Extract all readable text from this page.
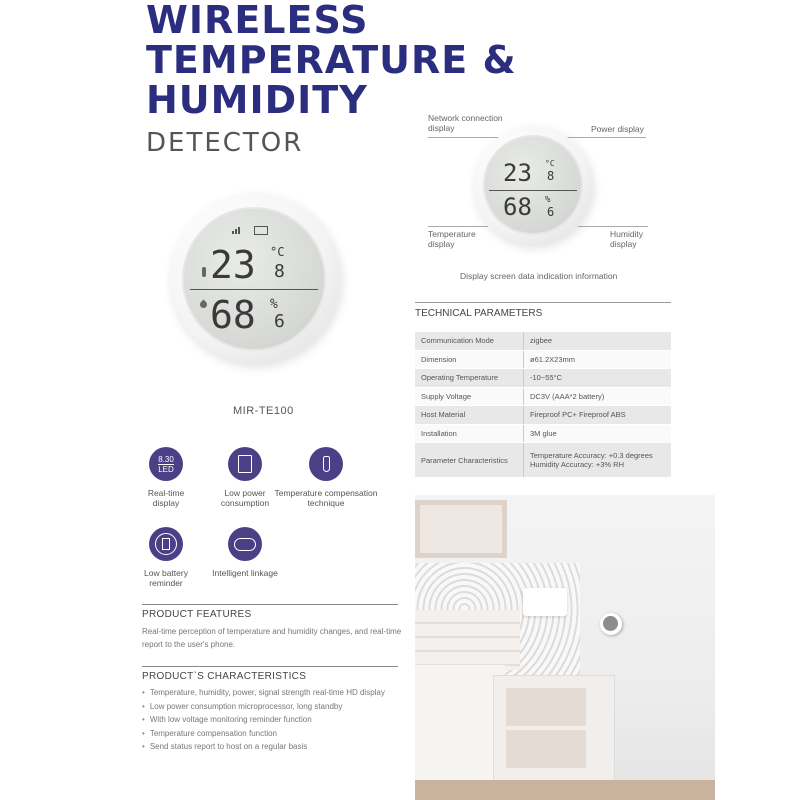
WIRELESS
TEMPERATURE &
HUMIDITY
DETECTOR
23 °C
8
68 %
6
MIR-TE100
8.30
LED
Real-time display
Low power consumption
Temperature compensation technique
Low battery reminder
Intelligent linkage
PRODUCT FEATURES
Real-time perception of temperature and humidity changes, and real-time report to the user's phone.
PRODUCT`S CHARACTERISTICS
• Temperature, humidity, power, signal strength real-time HD display
• Low power consumption microprocessor, long standby
• With low voltage monitoring reminder function
• Temperature compensation function
• Send status report to host on a regular basis
Network connection display	Power display
23 °C
8
68 %
6
Temperature display
Humidity display
Display screen data indication information
TECHNICAL PARAMETERS
Communication Mode	zigbee
Dimension	ø61.2X23mm
Operating Temperature	-10~55°C
Supply Voltage	DC3V (AAA*2 battery)
Host Material	Fireproof PC+ Fireproof ABS
Installation	3M glue
Parameter Characteristics	Temperature Accuracy: +0.3 degrees
Humidity Accuracy: +3% RH
